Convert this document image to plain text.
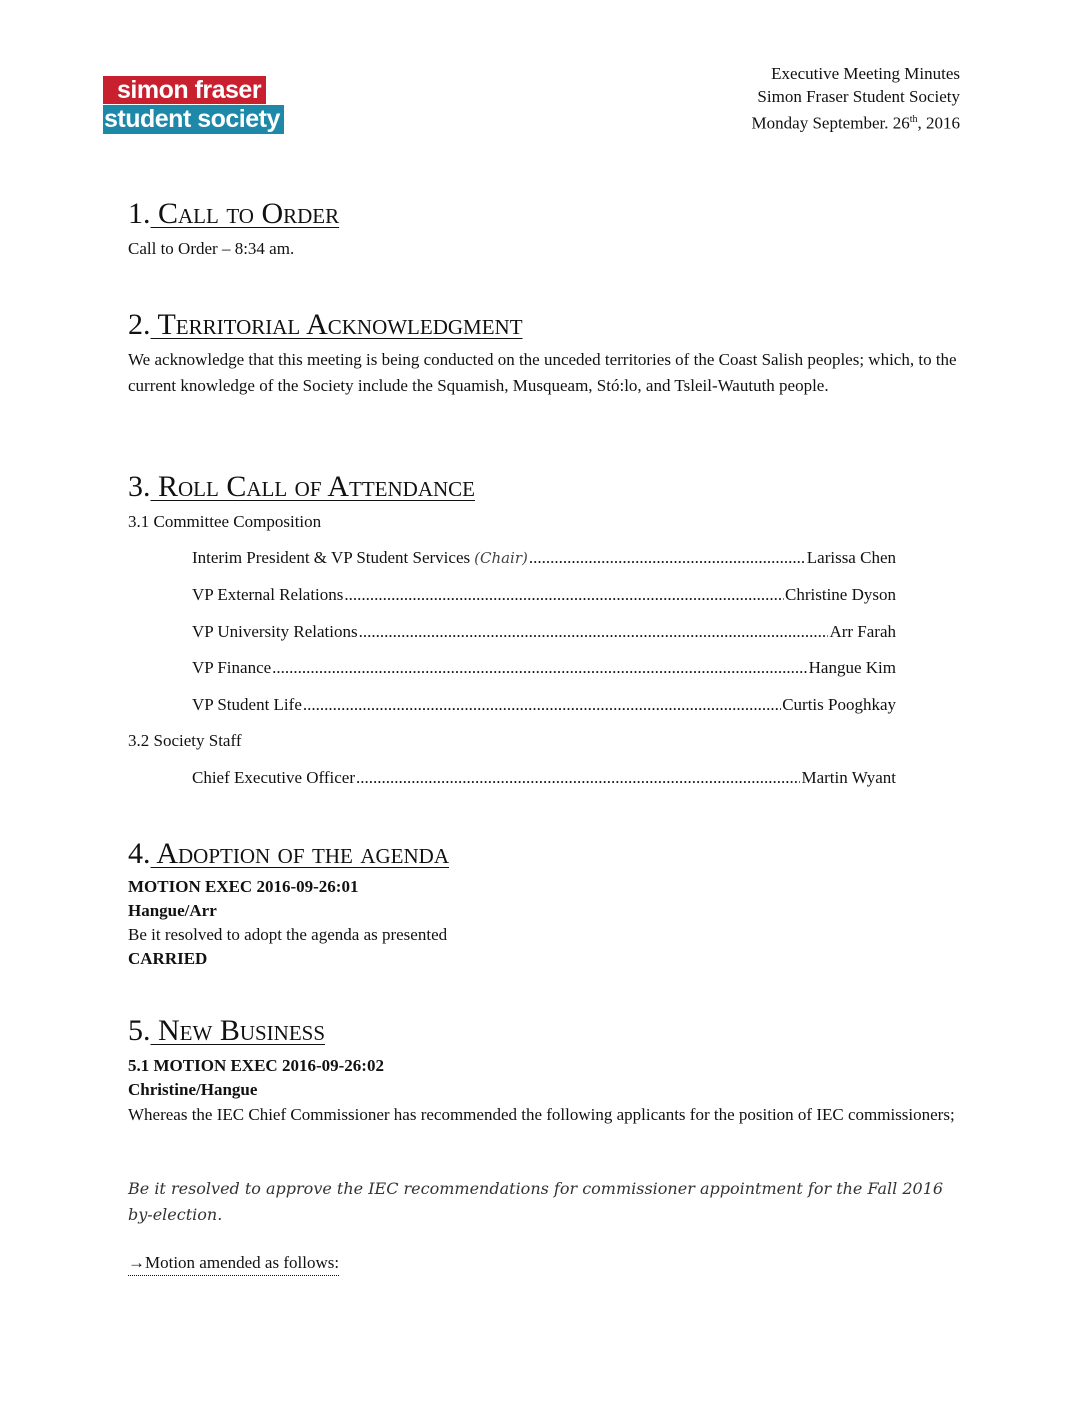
simon fraser
student society
Executive Meeting Minutes
Simon Fraser Student Society
Monday September. 26th, 2016
1. Call to Order
Call to Order – 8:34 am.
2. Territorial Acknowledgment
We acknowledge that this meeting is being conducted on the unceded territories of the Coast Salish peoples; which, to the current knowledge of the Society include the Squamish, Musqueam, Stó:lo, and Tsleil-Waututh people.
3. Roll Call of Attendance
3.1 Committee Composition
Interim President & VP Student Services (Chair) .....	Larissa Chen
VP External Relations .....	Christine Dyson
VP University Relations .....	Arr Farah
VP Finance .....	Hangue Kim
VP Student Life .....	Curtis Pooghkay
3.2 Society Staff
Chief Executive Officer .....	Martin Wyant
4. Adoption of the agenda
MOTION EXEC 2016-09-26:01
Hangue/Arr
Be it resolved to adopt the agenda as presented
CARRIED
5. New Business
5.1 MOTION EXEC 2016-09-26:02
Christine/Hangue
Whereas the IEC Chief Commissioner has recommended the following applicants for the position of IEC commissioners;
Be it resolved to approve the IEC recommendations for commissioner appointment for the Fall 2016 by-election.
→Motion amended as follows:
